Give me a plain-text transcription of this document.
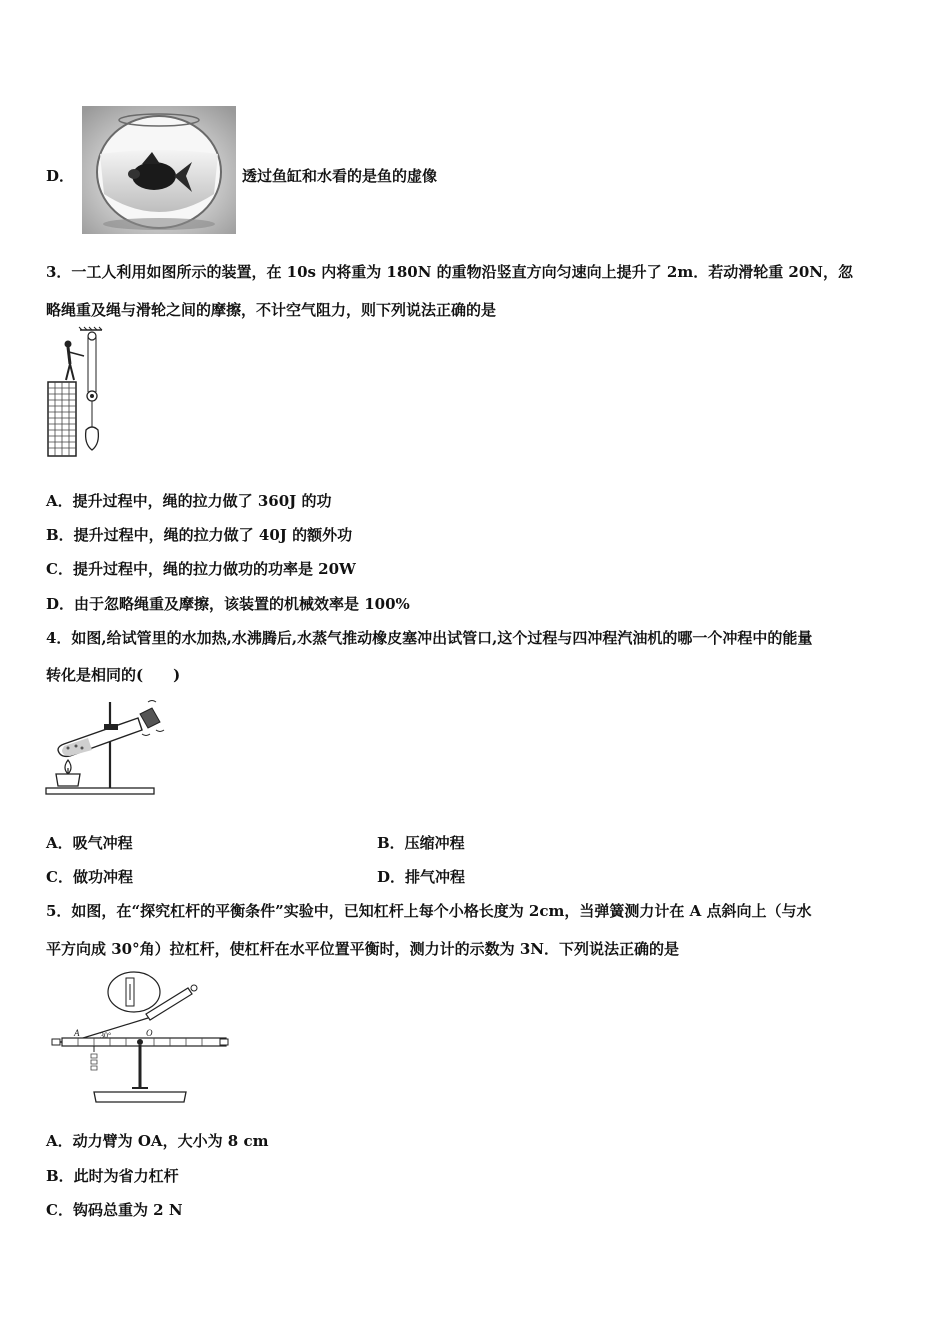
D．	透过鱼缸和水看的是鱼的虚像
3．一工人利用如图所示的装置，在 10s 内将重为 180N 的重物沿竖直方向匀速向上提升了 2m．若动滑轮重 20N，忽
略绳重及绳与滑轮之间的摩擦，不计空气阻力，则下列说法正确的是
A．提升过程中，绳的拉力做了 360J 的功
B．提升过程中，绳的拉力做了 40J 的额外功
C．提升过程中，绳的拉力做功的功率是 20W
D．由于忽略绳重及摩擦，该装置的机械效率是 100%
4．如图,给试管里的水加热,水沸腾后,水蒸气推动橡皮塞冲出试管口,这个过程与四冲程汽油机的哪一个冲程中的能量
转化是相同的(　　)
A．吸气冲程	B．压缩冲程
C．做功冲程	D．排气冲程
5．如图，在“探究杠杆的平衡条件”实验中，已知杠杆上每个小格长度为 2cm，当弹簧测力计在 A 点斜向上（与水
平方向成 30°角）拉杠杆，使杠杆在水平位置平衡时，测力计的示数为 3N．下列说法正确的是
A	30°	O
A．动力臂为 OA，大小为 8 cm
B．此时为省力杠杆
C．钩码总重为 2 N
